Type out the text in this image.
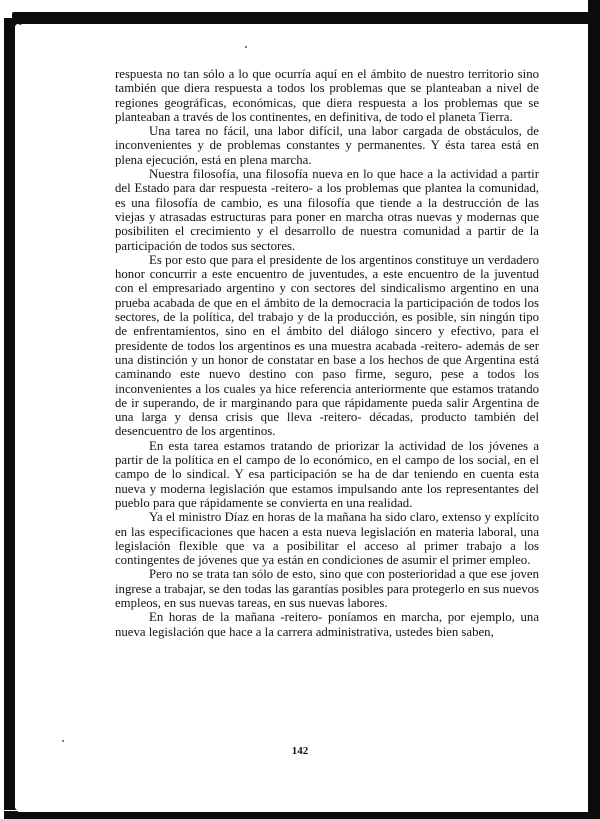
respuesta no tan sólo a lo que ocurría aquí en el ámbito de nuestro territorio sino también que diera respuesta a todos los problemas que se planteaban a nivel de regiones geográficas, económicas, que diera respuesta a los problemas que se planteaban a través de los continentes, en definitiva, de todo el planeta Tierra.

Una tarea no fácil, una labor difícil, una labor cargada de obstáculos, de inconvenientes y de problemas constantes y permanentes. Y ésta tarea está en plena ejecución, está en plena marcha.

Nuestra filosofía, una filosofía nueva en lo que hace a la actividad a partir del Estado para dar respuesta -reitero- a los problemas que plantea la comunidad, es una filosofía de cambio, es una filosofía que tiende a la destrucción de las viejas y atrasadas estructuras para poner en marcha otras nuevas y modernas que posibiliten el crecimiento y el desarrollo de nuestra comunidad a partir de la participación de todos sus sectores.

Es por esto que para el presidente de los argentinos constituye un verdadero honor concurrir a este encuentro de juventudes, a este encuentro de la juventud con el empresariado argentino y con sectores del sindicalismo argentino en una prueba acabada de que en el ámbito de la democracia la participación de todos los sectores, de la política, del trabajo y de la producción, es posible, sin ningún tipo de enfrentamientos, sino en el ámbito del diálogo sincero y efectivo, para el presidente de todos los argentinos es una muestra acabada -reitero- además de ser una distinción y un honor de constatar en base a los hechos de que Argentina está caminando este nuevo destino con paso firme, seguro, pese a todos los inconvenientes a los cuales ya hice referencia anteriormente que estamos tratando de ir superando, de ir marginando para que rápidamente pueda salir Argentina de una larga y densa crisis que lleva -reitero- décadas, producto también del desencuentro de los argentinos.

En esta tarea estamos tratando de priorizar la actividad de los jóvenes a partir de la política en el campo de lo económico, en el campo de los social, en el campo de lo sindical. Y esa participación se ha de dar teniendo en cuenta esta nueva y moderna legislación que estamos impulsando ante los representantes del pueblo para que rápidamente se convierta en una realidad.

Ya el ministro Díaz en horas de la mañana ha sido claro, extenso y explícito en las especificaciones que hacen a esta nueva legislación en materia laboral, una legislación flexible que va a posibilitar el acceso al primer trabajo a los contingentes de jóvenes que ya están en condiciones de asumir el primer empleo.

Pero no se trata tan sólo de esto, sino que con posterioridad a que ese joven ingrese a trabajar, se den todas las garantías posibles para protegerlo en sus nuevos empleos, en sus nuevas tareas, en sus nuevas labores.

En horas de la mañana -reitero- poníamos en marcha, por ejemplo, una nueva legislación que hace a la carrera administrativa, ustedes bien saben,

142
